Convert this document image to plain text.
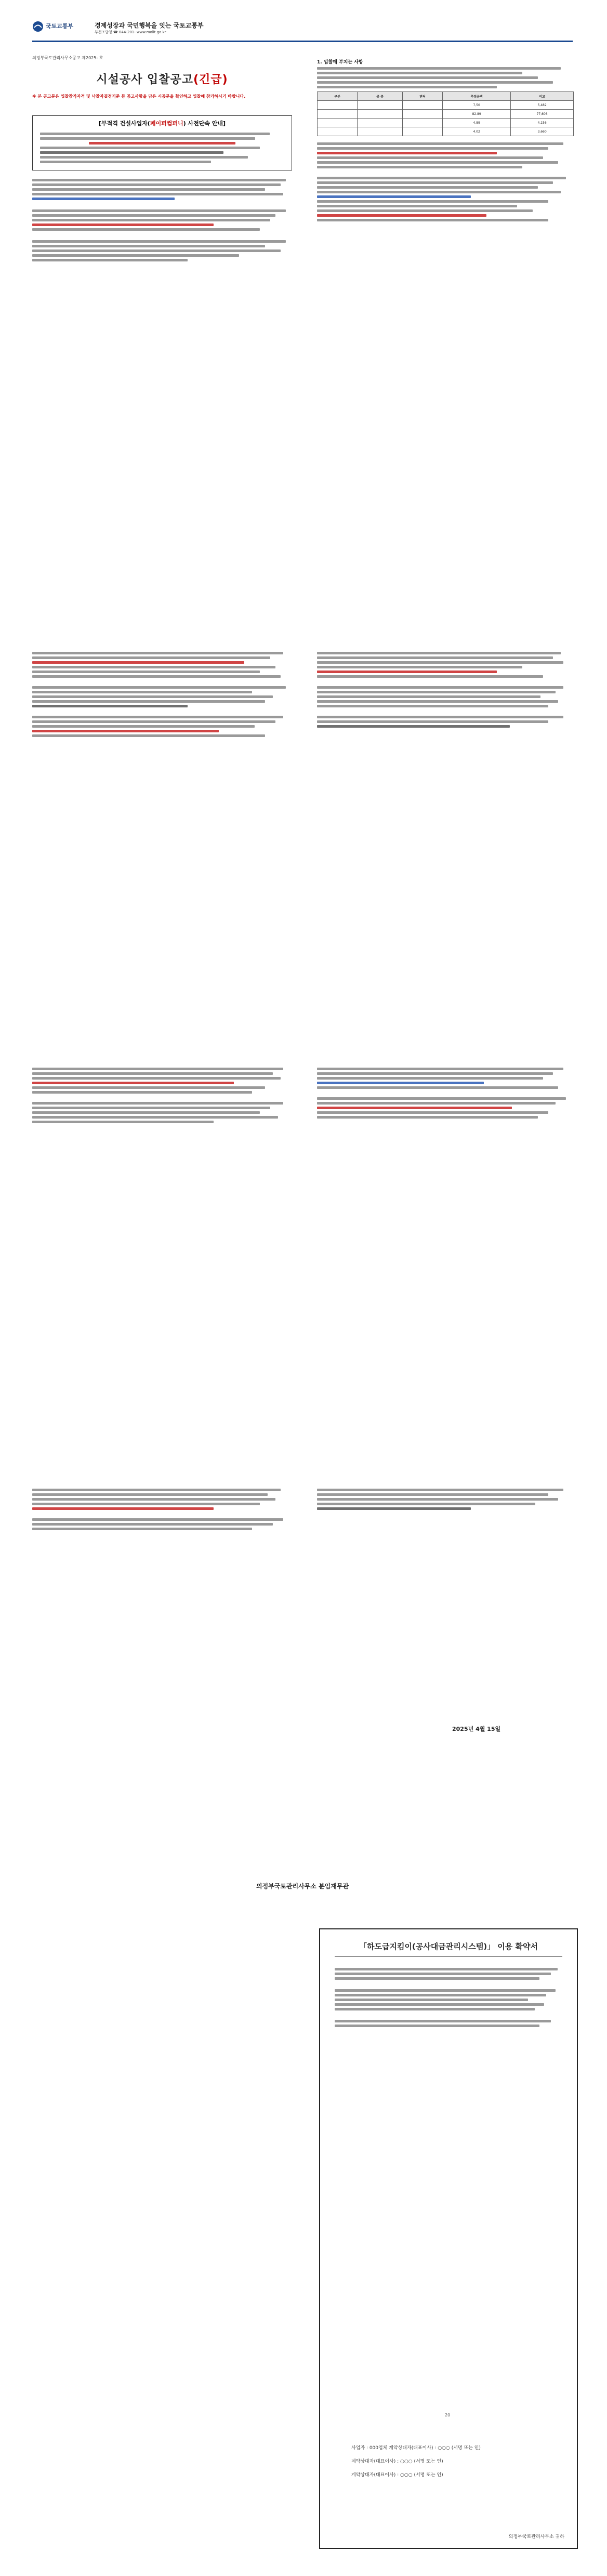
국토교통부	경제성장과 국민행복을 잇는 국토교통부
부천조달청 ☎ 044-201- www.molit.go.kr
의정부국토관리사무소공고 제2025- 호
시설공사 입찰공고(긴급)
※ 본 공고문은 입찰참가자격 및 낙찰자결정기준 등 공고사항을 담은 시공문을 확인하고 입찰에 참가하시기 바랍니다.
[부적격 건설사업자(페이퍼컴퍼니) 사전단속 안내]
1. 입찰에 부치는 사항
구분	공 종	면허	추정금액	비고
			7,50	5,482
			82.89	77,606
			4.89	4,156
			4.02	3,660
2025년 4월 15일
의정부국토관리사무소 분임재무관
「하도급지킴이(공사대금관리시스템)」 이용 확약서
20
사업자 : 000업체 계약상대자(대표이사) : ○○○ (서명 또는 인)
계약상대자(대표이사) : ○○○ (서명 또는 인)
계약상대자(대표이사) : ○○○ (서명 또는 인)
의정부국토관리사무소 귀하
